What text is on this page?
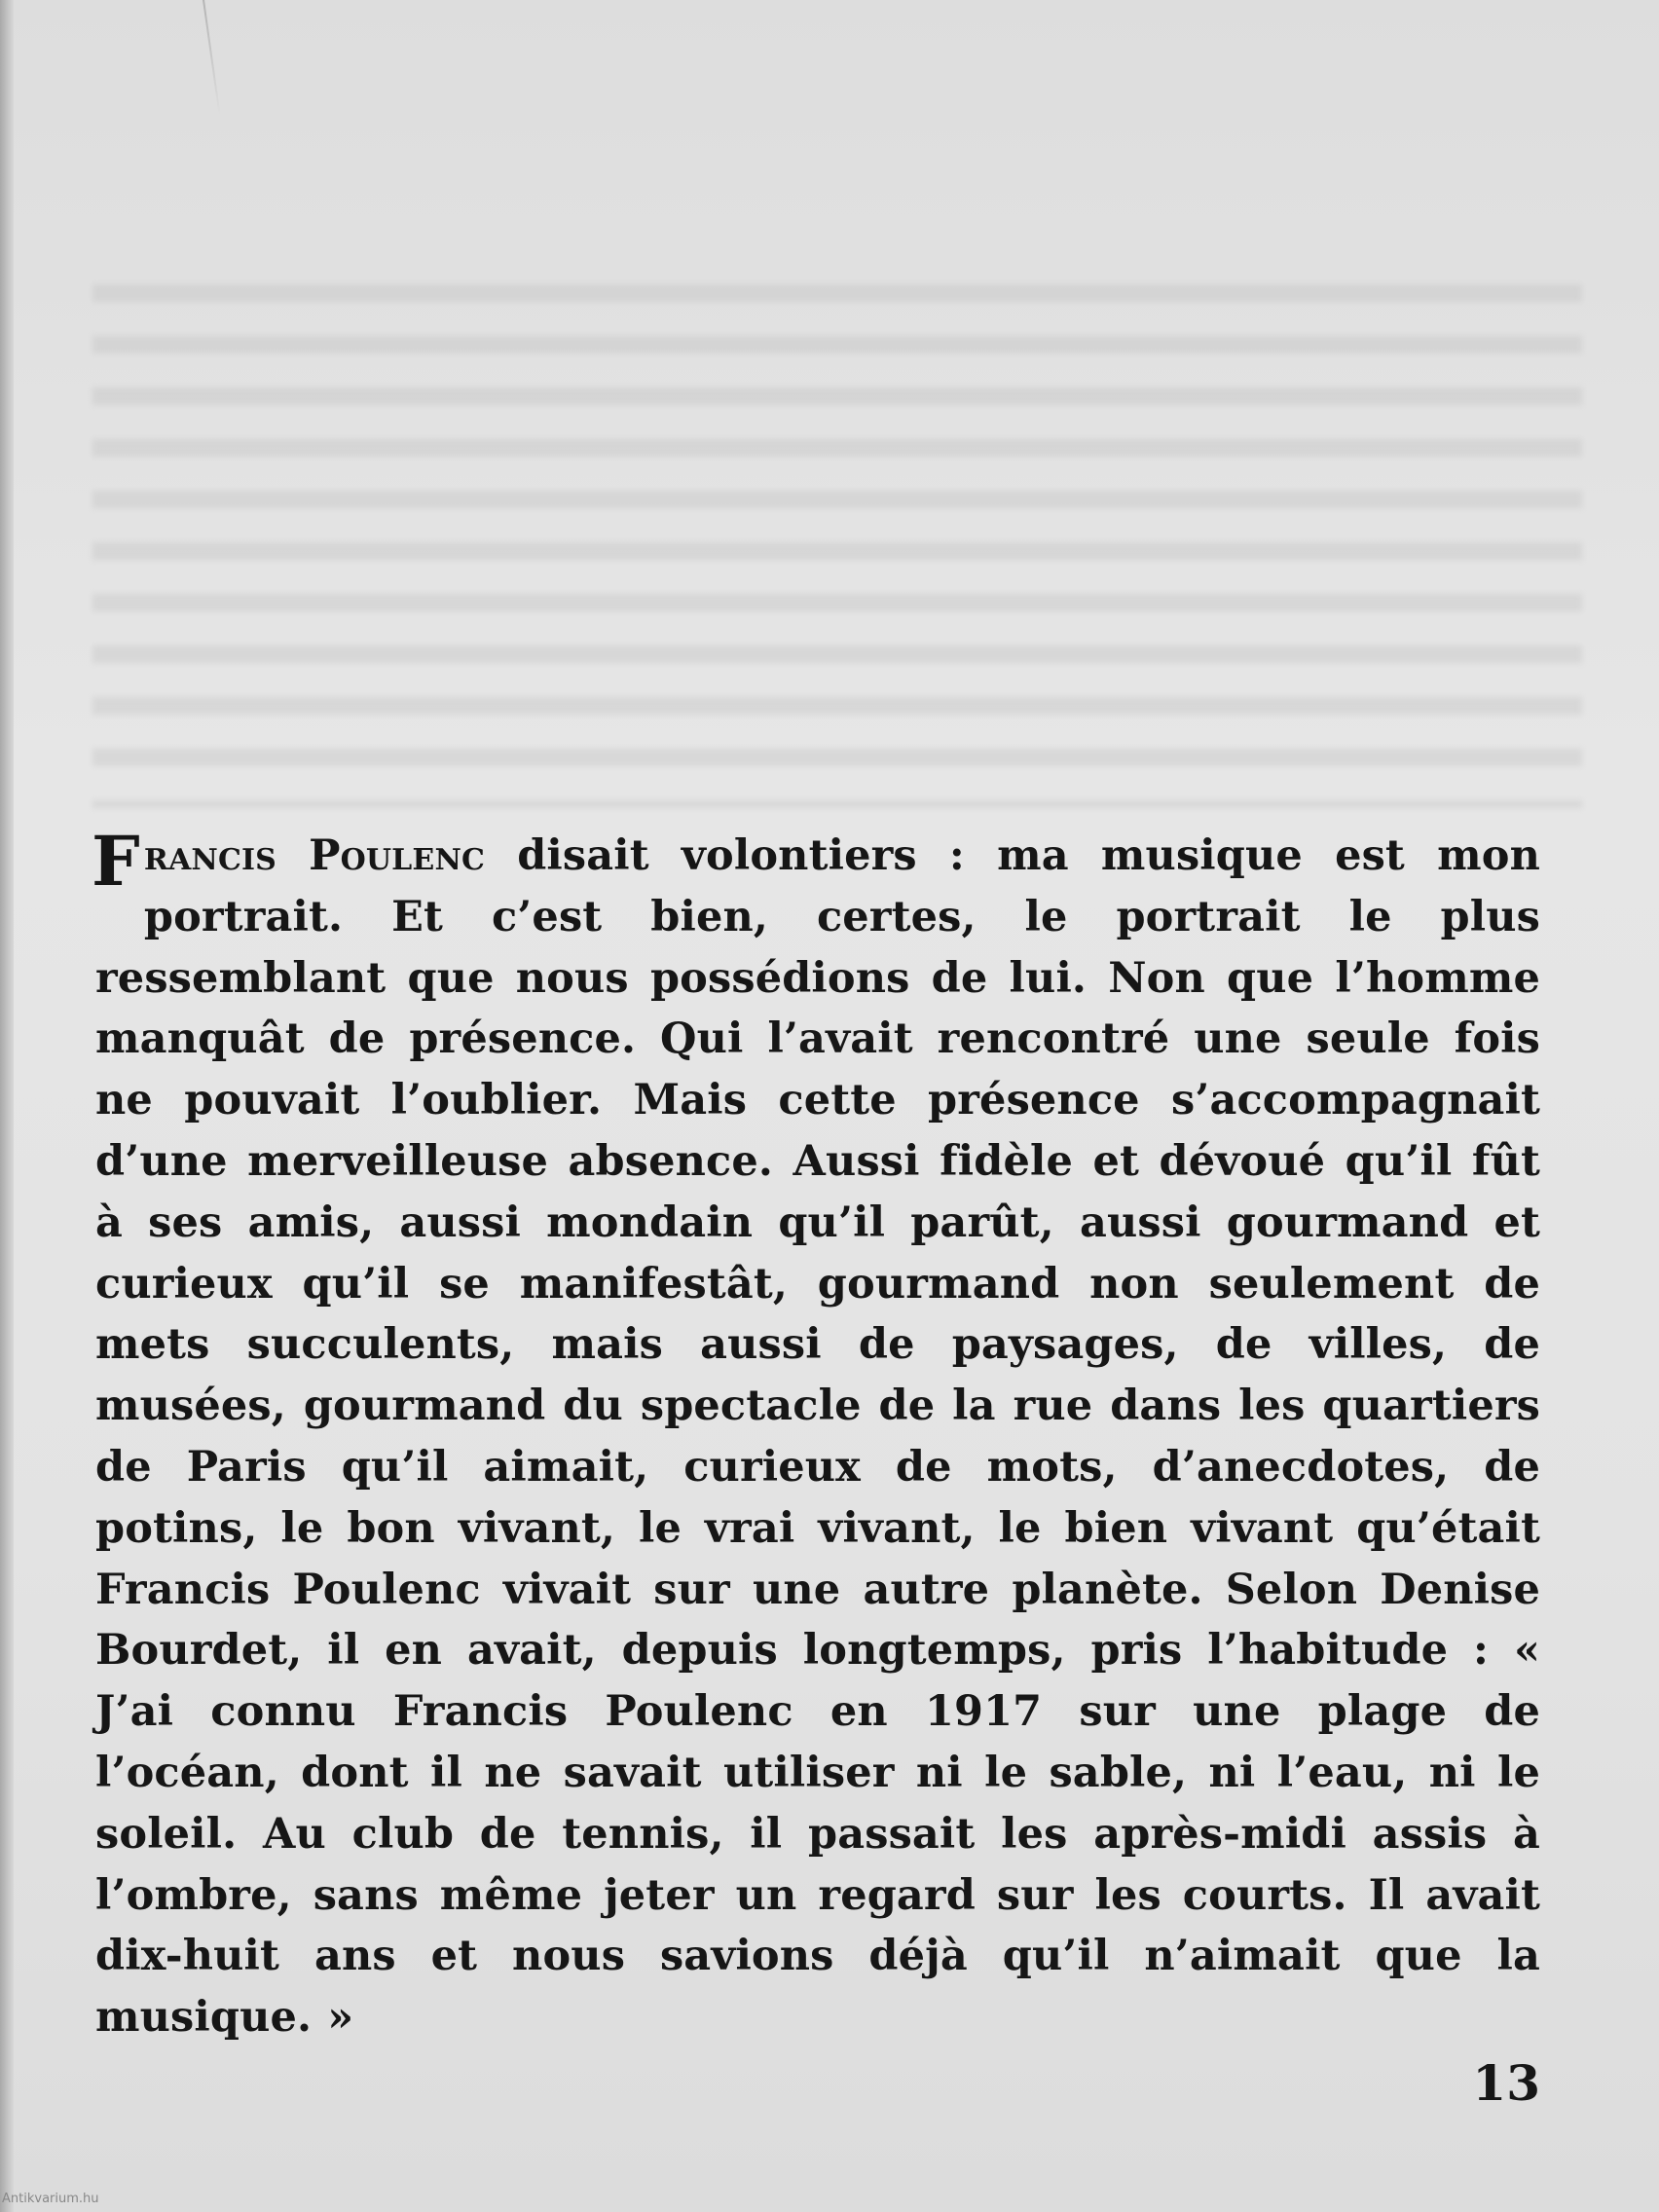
Francis Poulenc disait volontiers : ma musique est mon portrait. Et c’est bien, certes, le portrait le plus ressemblant que nous possédions de lui. Non que l’homme manquât de présence. Qui l’avait rencontré une seule fois ne pouvait l’oublier. Mais cette présence s’accompagnait d’une merveilleuse absence. Aussi fidèle et dévoué qu’il fût à ses amis, aussi mondain qu’il parût, aussi gourmand et curieux qu’il se manifestât, gourmand non seulement de mets succulents, mais aussi de paysages, de villes, de musées, gourmand du spectacle de la rue dans les quartiers de Paris qu’il aimait, curieux de mots, d’anecdotes, de potins, le bon vivant, le vrai vivant, le bien vivant qu’était Francis Poulenc vivait sur une autre planète. Selon Denise Bourdet, il en avait, depuis longtemps, pris l’habitude : « J’ai connu Francis Poulenc en 1917 sur une plage de l’océan, dont il ne savait utiliser ni le sable, ni l’eau, ni le soleil. Au club de tennis, il passait les après-midi assis à l’ombre, sans même jeter un regard sur les courts. Il avait dix-huit ans et nous savions déjà qu’il n’aimait que la musique. »

13

Antikvarium.hu
